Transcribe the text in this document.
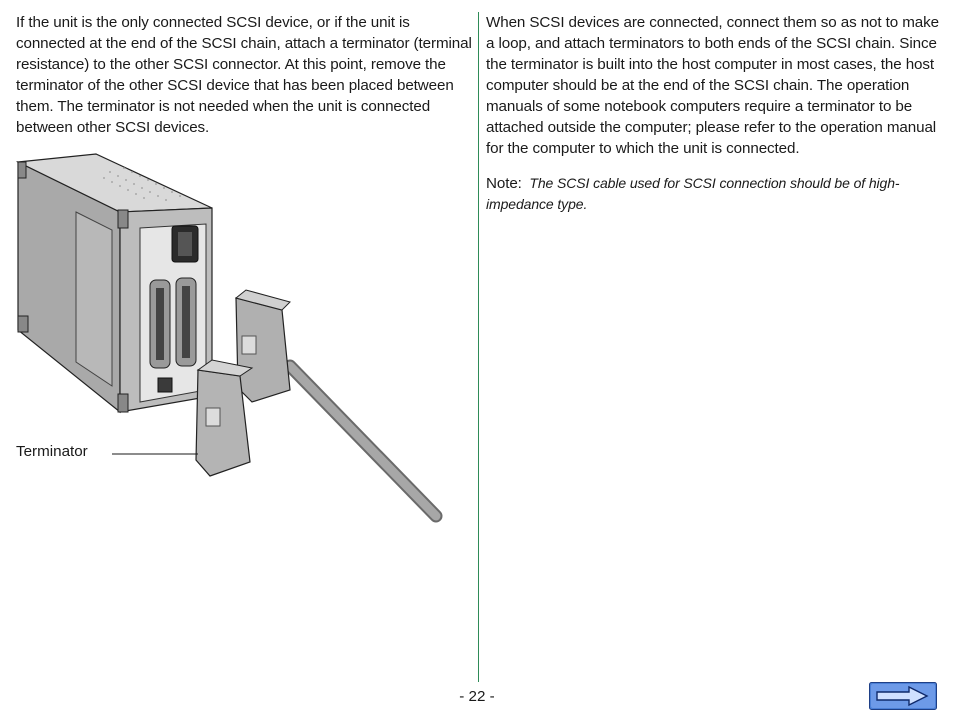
If the unit is the only connected SCSI device, or if the unit is connected at the end of the SCSI chain, attach a terminator (terminal resistance) to the other SCSI connector. At this point, remove the terminator of the other SCSI device that has been placed between them. The terminator is not needed when the unit is connected between other SCSI devices.

When SCSI devices are connected, connect them so as not to make a loop, and attach terminators to both ends of the SCSI chain. Since the terminator is built into the host computer in most cases, the host computer should be at the end of the SCSI chain. The operation manuals of some notebook computers require a terminator to be attached outside the computer; please refer to the operation manual for the computer to which the unit is connected.

Note: The SCSI cable used for SCSI connection should be of high-impedance type.

Terminator
- 22 -
